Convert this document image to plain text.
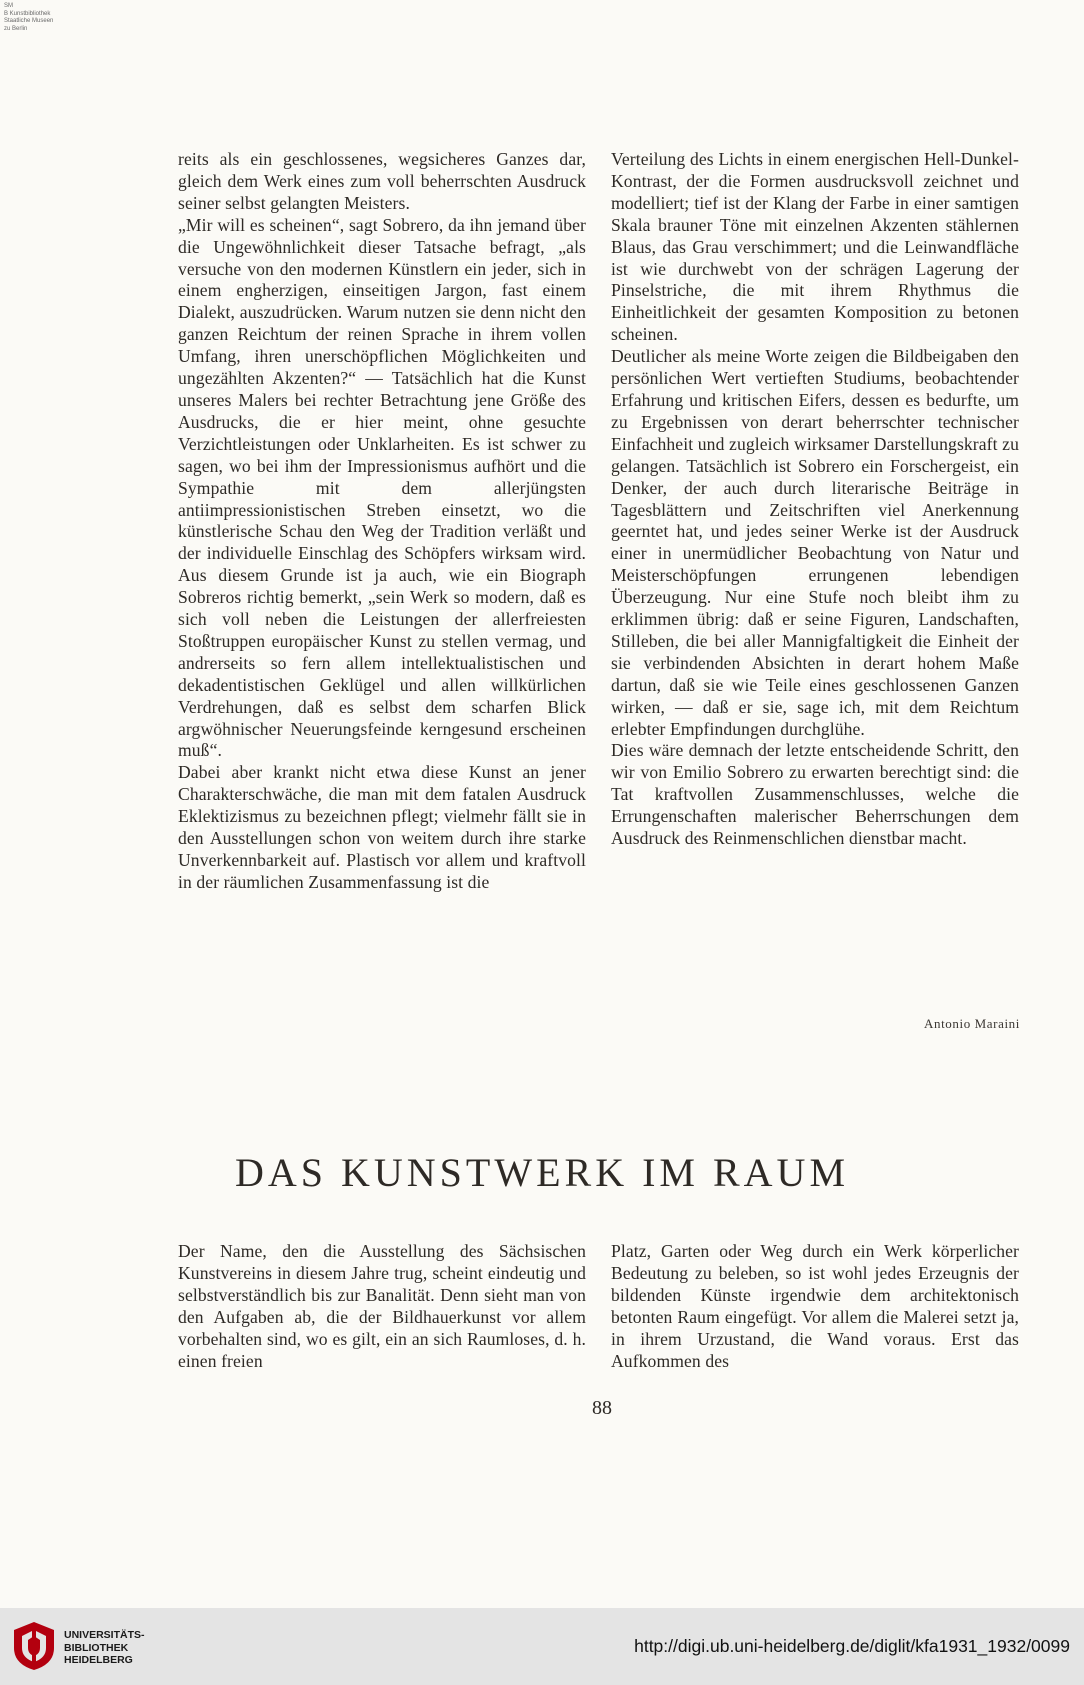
SM
B Kunstbibliothek
Staatliche Museen
zu Berlin

reits als ein geschlossenes, wegsicheres Ganzes dar, gleich dem Werk eines zum voll beherrschten Ausdruck seiner selbst gelangten Meisters.

„Mir will es scheinen“, sagt Sobrero, da ihn jemand über die Ungewöhnlichkeit dieser Tatsache befragt, „als versuche von den modernen Künstlern ein jeder, sich in einem engherzigen, einseitigen Jargon, fast einem Dialekt, auszudrücken. Warum nutzen sie denn nicht den ganzen Reichtum der reinen Sprache in ihrem vollen Umfang, ihren unerschöpflichen Möglichkeiten und ungezählten Akzenten?“ — Tatsächlich hat die Kunst unseres Malers bei rechter Betrachtung jene Größe des Ausdrucks, die er hier meint, ohne gesuchte Verzichtleistungen oder Unklarheiten. Es ist schwer zu sagen, wo bei ihm der Impressionismus aufhört und die Sympathie mit dem allerjüngsten antiimpressionistischen Streben einsetzt, wo die künstlerische Schau den Weg der Tradition verläßt und der individuelle Einschlag des Schöpfers wirksam wird. Aus diesem Grunde ist ja auch, wie ein Biograph Sobreros richtig bemerkt, „sein Werk so modern, daß es sich voll neben die Leistungen der allerfreiesten Stoßtruppen europäischer Kunst zu stellen vermag, und andrerseits so fern allem intellektualistischen und dekadentistischen Geklügel und allen willkürlichen Verdrehungen, daß es selbst dem scharfen Blick argwöhnischer Neuerungsfeinde kerngesund erscheinen muß“.

Dabei aber krankt nicht etwa diese Kunst an jener Charakterschwäche, die man mit dem fatalen Ausdruck Eklektizismus zu bezeichnen pflegt; vielmehr fällt sie in den Ausstellungen schon von weitem durch ihre starke Unverkennbarkeit auf. Plastisch vor allem und kraftvoll in der räumlichen Zusammenfassung ist die

Verteilung des Lichts in einem energischen Hell-Dunkel-Kontrast, der die Formen ausdrucksvoll zeichnet und modelliert; tief ist der Klang der Farbe in einer samtigen Skala brauner Töne mit einzelnen Akzenten stählernen Blaus, das Grau verschimmert; und die Leinwandfläche ist wie durchwebt von der schrägen Lagerung der Pinselstriche, die mit ihrem Rhythmus die Einheitlichkeit der gesamten Komposition zu betonen scheinen.

Deutlicher als meine Worte zeigen die Bildbeigaben den persönlichen Wert vertieften Studiums, beobachtender Erfahrung und kritischen Eifers, dessen es bedurfte, um zu Ergebnissen von derart beherrschter technischer Einfachheit und zugleich wirksamer Darstellungskraft zu gelangen. Tatsächlich ist Sobrero ein Forschergeist, ein Denker, der auch durch literarische Beiträge in Tagesblättern und Zeitschriften viel Anerkennung geerntet hat, und jedes seiner Werke ist der Ausdruck einer in unermüdlicher Beobachtung von Natur und Meisterschöpfungen errungenen lebendigen Überzeugung. Nur eine Stufe noch bleibt ihm zu erklimmen übrig: daß er seine Figuren, Landschaften, Stilleben, die bei aller Mannigfaltigkeit die Einheit der sie verbindenden Absichten in derart hohem Maße dartun, daß sie wie Teile eines geschlossenen Ganzen wirken, — daß er sie, sage ich, mit dem Reichtum erlebter Empfindungen durchglühe.

Dies wäre demnach der letzte entscheidende Schritt, den wir von Emilio Sobrero zu erwarten berechtigt sind: die Tat kraftvollen Zusammenschlusses, welche die Errungenschaften malerischer Beherrschungen dem Ausdruck des Reinmenschlichen dienstbar macht.

Antonio Maraini
DAS KUNSTWERK IM RAUM

Der Name, den die Ausstellung des Sächsischen Kunstvereins in diesem Jahre trug, scheint eindeutig und selbstverständlich bis zur Banalität. Denn sieht man von den Aufgaben ab, die der Bildhauerkunst vor allem vorbehalten sind, wo es gilt, ein an sich Raumloses, d. h. einen freien

Platz, Garten oder Weg durch ein Werk körperlicher Bedeutung zu beleben, so ist wohl jedes Erzeugnis der bildenden Künste irgendwie dem architektonisch betonten Raum eingefügt. Vor allem die Malerei setzt ja, in ihrem Urzustand, die Wand voraus. Erst das Aufkommen des

88
UNIVERSITÄTS-
BIBLIOTHEK
HEIDELBERG
http://digi.ub.uni-heidelberg.de/diglit/kfa1931_1932/0099
